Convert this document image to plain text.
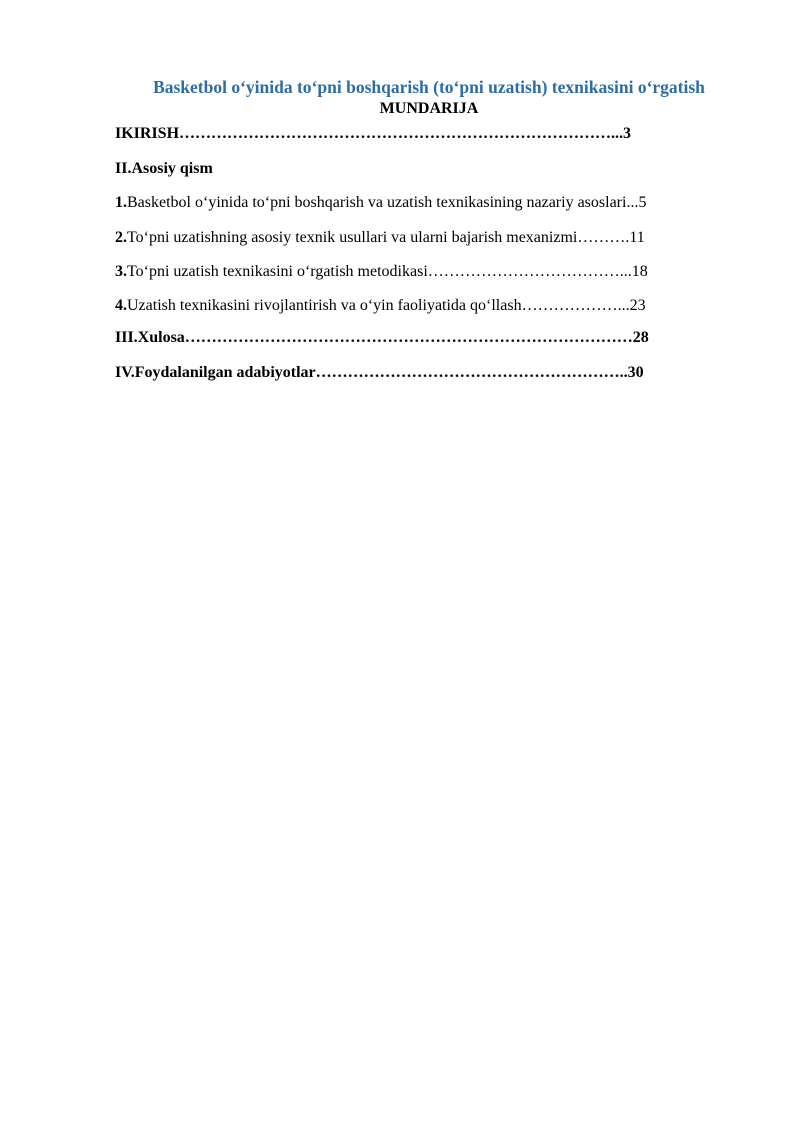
Basketbol o‘yinida to‘pni boshqarish (to‘pni uzatish) texnikasini o‘rgatish
MUNDARIJA
IKIRISH………………………………………………………………………...3
II.Asosiy qism
1.Basketbol o‘yinida to‘pni boshqarish va uzatish texnikasining nazariy asoslari...5
2.To‘pni uzatishning asosiy texnik usullari va ularni bajarish mexanizmi……….11
3.To‘pni uzatish texnikasini o‘rgatish metodikasi………………………………...18
4.Uzatish texnikasini rivojlantirish va o‘yin faoliyatida qo‘llash………………...23
III.Xulosa…………………………………………………………………………28
IV.Foydalanilgan adabiyotlar…………………………………………………..30
